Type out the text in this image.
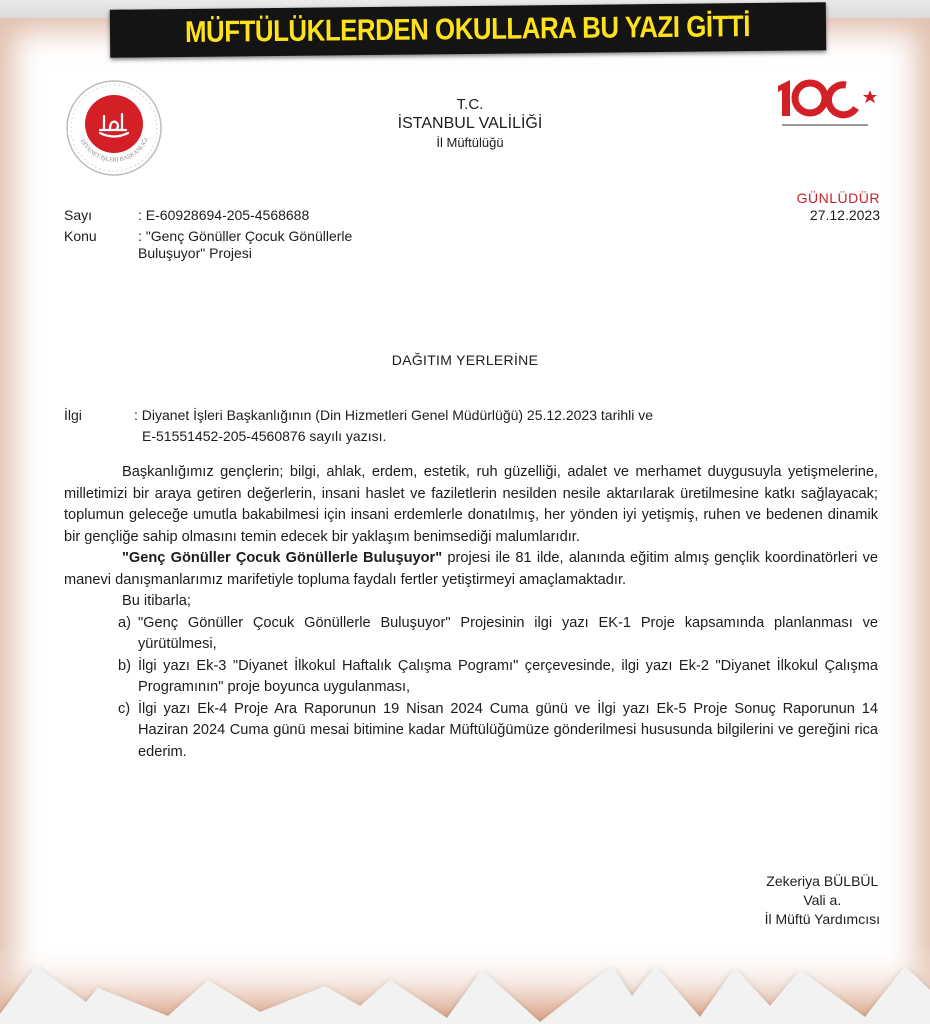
MÜFTÜLÜKLERDEN OKULLARA BU YAZI GİTTİ
DİYANET İŞLERİ BAŞKANLIĞI
T.C.
İSTANBUL VALİLİĞİ
İl Müftülüğü
GÜNLÜDÜR
27.12.2023
Sayı	: E-60928694-205-4568688
Konu	: "Genç Gönüller Çocuk Gönüllerle Buluşuyor" Projesi
DAĞITIM YERLERİNE
İlgi	: Diyanet İşleri Başkanlığının (Din Hizmetleri Genel Müdürlüğü) 25.12.2023 tarihli ve
E-51551452-205-4560876 sayılı yazısı.

Başkanlığımız gençlerin; bilgi, ahlak, erdem, estetik, ruh güzelliği, adalet ve merhamet duygusuyla yetişmelerine, milletimizi bir araya getiren değerlerin, insani haslet ve faziletlerin nesilden nesile aktarılarak üretilmesine katkı sağlayacak; toplumun geleceğe umutla bakabilmesi için insani erdemlerle donatılmış, her yönden iyi yetişmiş, ruhen ve bedenen dinamik bir gençliğe sahip olmasını temin edecek bir yaklaşım benimsediği malumlarıdır.

"Genç Gönüller Çocuk Gönüllerle Buluşuyor" projesi ile 81 ilde, alanında eğitim almış gençlik koordinatörleri ve manevi danışmanlarımız marifetiyle topluma faydalı fertler yetiştirmeyi amaçlamaktadır.

Bu itibarla;

a) "Genç Gönüller Çocuk Gönüllerle Buluşuyor" Projesinin ilgi yazı EK-1 Proje kapsamında planlanması ve yürütülmesi,
b) İlgi yazı Ek-3 "Diyanet İlkokul Haftalık Çalışma Pogramı" çerçevesinde, ilgi yazı Ek-2 "Diyanet İlkokul Çalışma Programının" proje boyunca uygulanması,
c) İlgi yazı Ek-4 Proje Ara Raporunun 19 Nisan 2024 Cuma günü ve İlgi yazı Ek-5 Proje Sonuç Raporunun 14 Haziran 2024 Cuma günü mesai bitimine kadar Müftülüğümüze gönderilmesi hususunda bilgilerini ve gereğini rica ederim.
Zekeriya BÜLBÜL
Vali a.
İl Müftü Yardımcısı
